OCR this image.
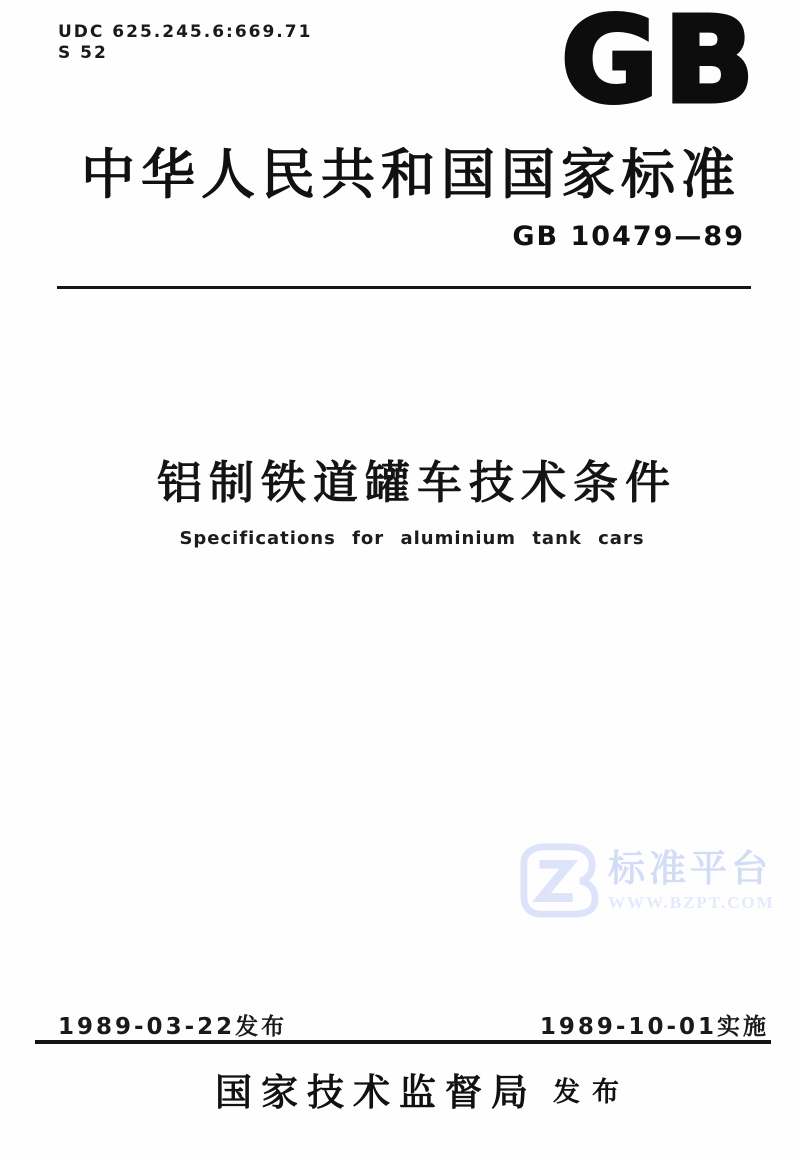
UDC 625.245.6:669.71
S 52	GB
中华人民共和国国家标准
GB 10479—89
铝制铁道罐车技术条件
Specifications for aluminium tank cars
标准平台
WWW.BZPT.COM
1989-03-22发布	1989-10-01实施
国家技术监督局 发布
